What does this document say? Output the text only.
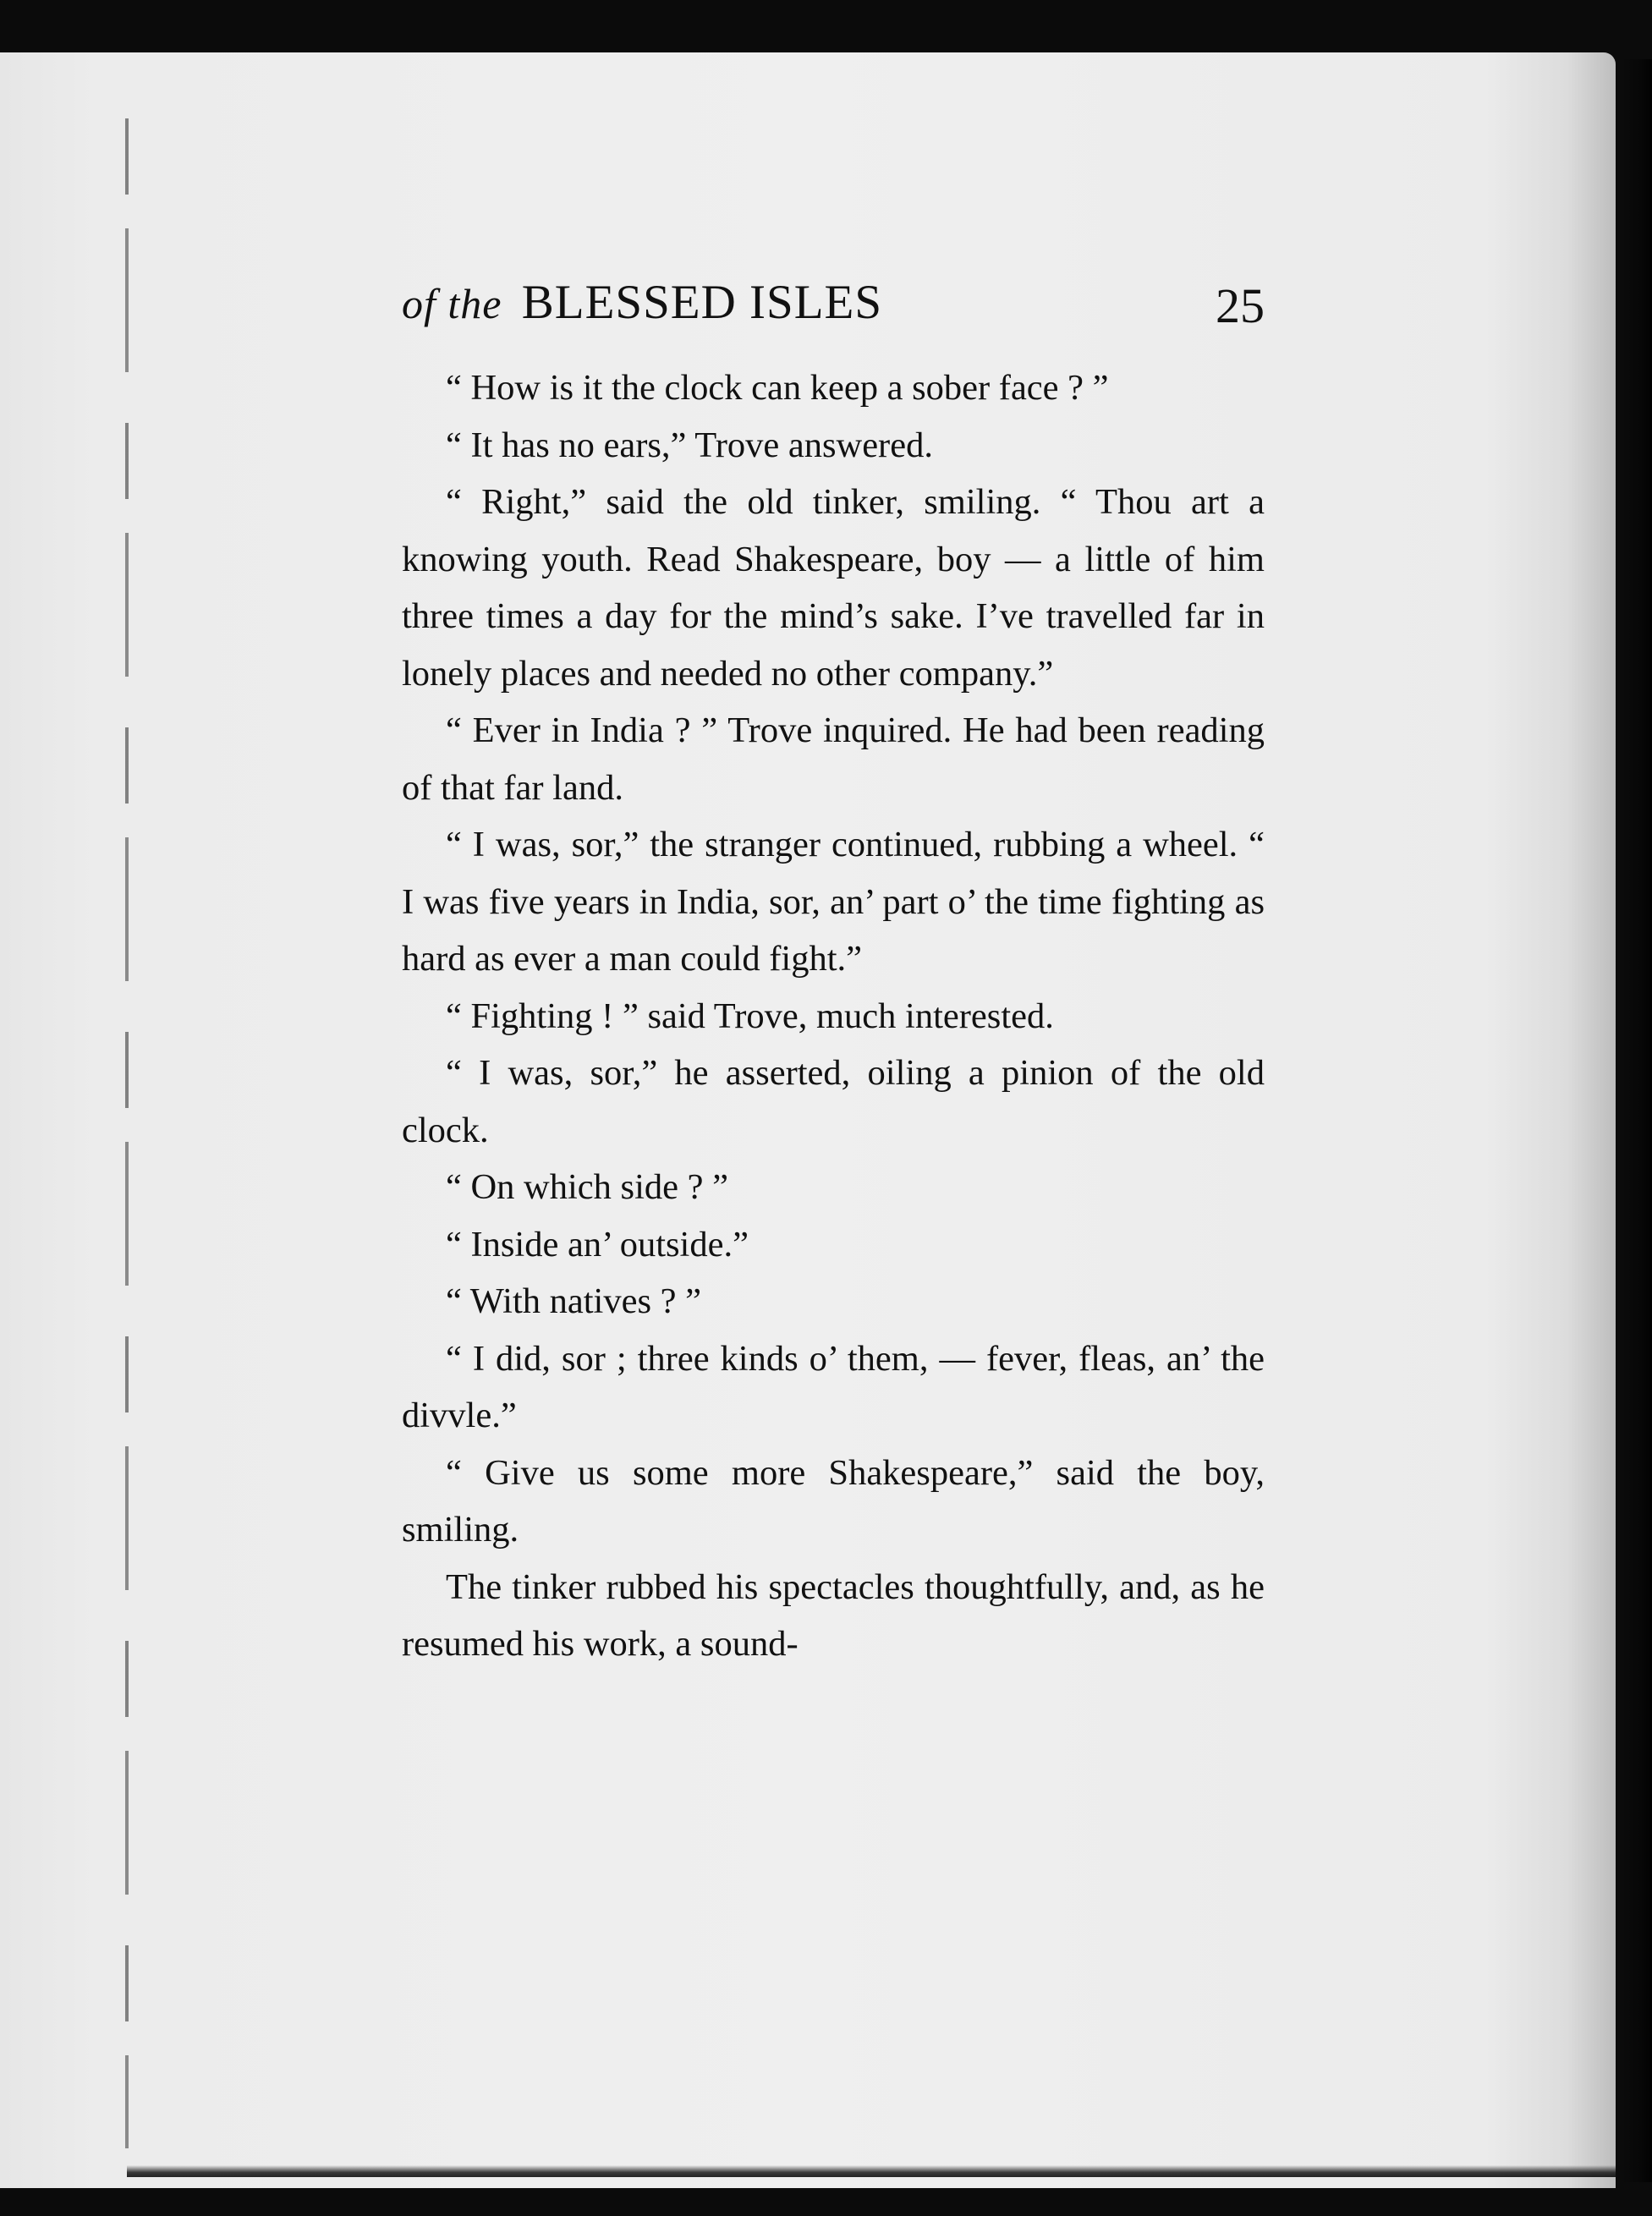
of the BLESSED ISLES	25

“ How is it the clock can keep a sober face ? ”

“ It has no ears,” Trove answered.

“ Right,” said the old tinker, smiling. “ Thou art a knowing youth. Read Shakespeare, boy — a little of him three times a day for the mind’s sake. I’ve travelled far in lonely places and needed no other company.”

“ Ever in India ? ” Trove inquired. He had been reading of that far land.

“ I was, sor,” the stranger continued, rubbing a wheel. “ I was five years in India, sor, an’ part o’ the time fighting as hard as ever a man could fight.”

“ Fighting ! ” said Trove, much interested.

“ I was, sor,” he asserted, oiling a pinion of the old clock.

“ On which side ? ”

“ Inside an’ outside.”

“ With natives ? ”

“ I did, sor ; three kinds o’ them, — fever, fleas, an’ the divvle.”

“ Give us some more Shakespeare,” said the boy, smiling.

The tinker rubbed his spectacles thoughtfully, and, as he resumed his work, a sound-
